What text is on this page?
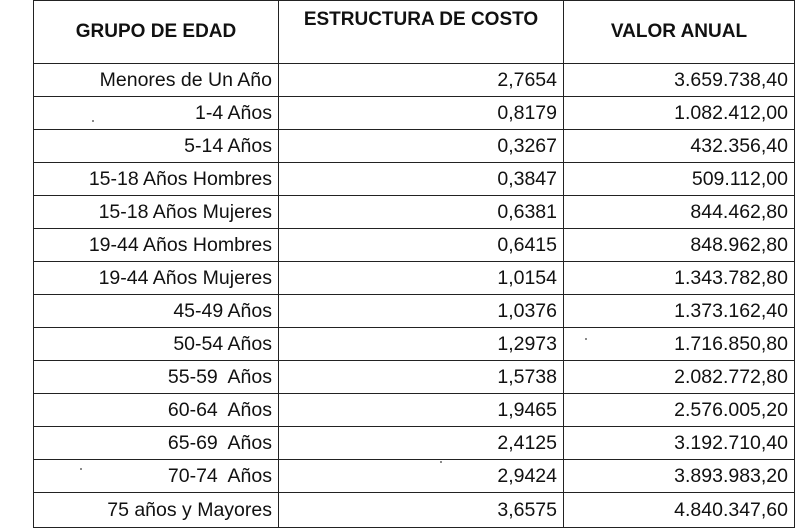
GRUPO DE EDAD	ESTRUCTURA DE COSTO	VALOR ANUAL
Menores de Un Año	2,7654	3.659.738,40
1-4 Años	0,8179	1.082.412,00
5-14 Años	0,3267	432.356,40
15-18 Años Hombres	0,3847	509.112,00
15-18 Años Mujeres	0,6381	844.462,80
19-44 Años Hombres	0,6415	848.962,80
19-44 Años Mujeres	1,0154	1.343.782,80
45-49 Años	1,0376	1.373.162,40
50-54 Años	1,2973	1.716.850,80
55-59  Años	1,5738	2.082.772,80
60-64  Años	1,9465	2.576.005,20
65-69  Años	2,4125	3.192.710,40
70-74  Años	2,9424	3.893.983,20
75 años y Mayores	3,6575	4.840.347,60
